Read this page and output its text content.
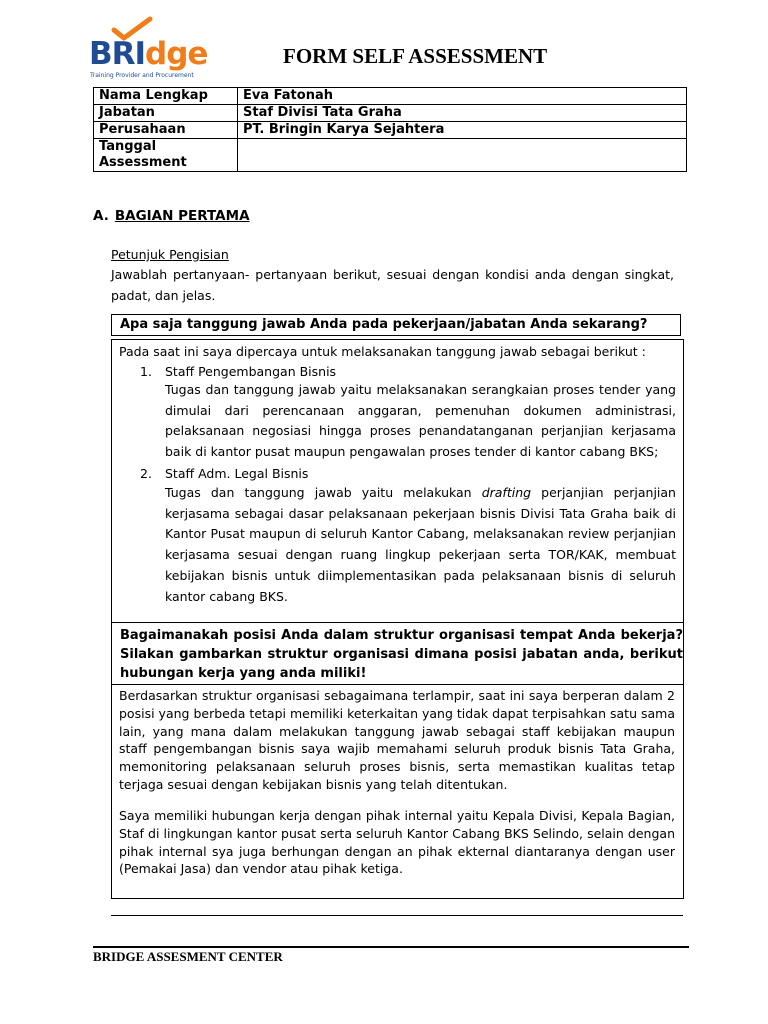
BRIdge
Training Provider and Procurement
FORM SELF ASSESSMENT
Nama Lengkap	Eva Fatonah
Jabatan	Staf Divisi Tata Graha
Perusahaan	PT. Bringin Karya Sejahtera
Tanggal Assessment	
A. BAGIAN PERTAMA
Petunjuk Pengisian
Jawablah pertanyaan- pertanyaan berikut, sesuai dengan kondisi anda dengan singkat, padat, dan jelas.
Apa saja tanggung jawab Anda pada pekerjaan/jabatan Anda sekarang?
Pada saat ini saya dipercaya untuk melaksanakan tanggung jawab sebagai berikut :
1. Staff Pengembangan Bisnis
Tugas dan tanggung jawab yaitu melaksanakan serangkaian proses tender yang dimulai dari perencanaan anggaran, pemenuhan dokumen administrasi, pelaksanaan negosiasi hingga proses penandatanganan perjanjian kerjasama baik di kantor pusat maupun pengawalan proses tender di kantor cabang BKS;
2. Staff Adm. Legal Bisnis
Tugas dan tanggung jawab yaitu melakukan drafting perjanjian perjanjian kerjasama sebagai dasar pelaksanaan pekerjaan bisnis Divisi Tata Graha baik di Kantor Pusat maupun di seluruh Kantor Cabang, melaksanakan review perjanjian kerjasama sesuai dengan ruang lingkup pekerjaan serta TOR/KAK, membuat kebijakan bisnis untuk diimplementasikan pada pelaksanaan bisnis di seluruh kantor cabang BKS.
Bagaimanakah posisi Anda dalam struktur organisasi tempat Anda bekerja? Silakan gambarkan struktur organisasi dimana posisi jabatan anda, berikut hubungan kerja yang anda miliki!
Berdasarkan struktur organisasi sebagaimana terlampir, saat ini saya berperan dalam 2 posisi yang berbeda tetapi memiliki keterkaitan yang tidak dapat terpisahkan satu sama lain, yang mana dalam melakukan tanggung jawab sebagai staff kebijakan maupun staff pengembangan bisnis saya wajib memahami seluruh produk bisnis Tata Graha, memonitoring pelaksanaan seluruh proses bisnis, serta memastikan kualitas tetap terjaga sesuai dengan kebijakan bisnis yang telah ditentukan.
Saya memiliki hubungan kerja dengan pihak internal yaitu Kepala Divisi, Kepala Bagian, Staf di lingkungan kantor pusat serta seluruh Kantor Cabang BKS Selindo, selain dengan pihak internal sya juga berhungan dengan an pihak ekternal diantaranya dengan user (Pemakai Jasa) dan vendor atau pihak ketiga.
BRIDGE ASSESMENT CENTER
